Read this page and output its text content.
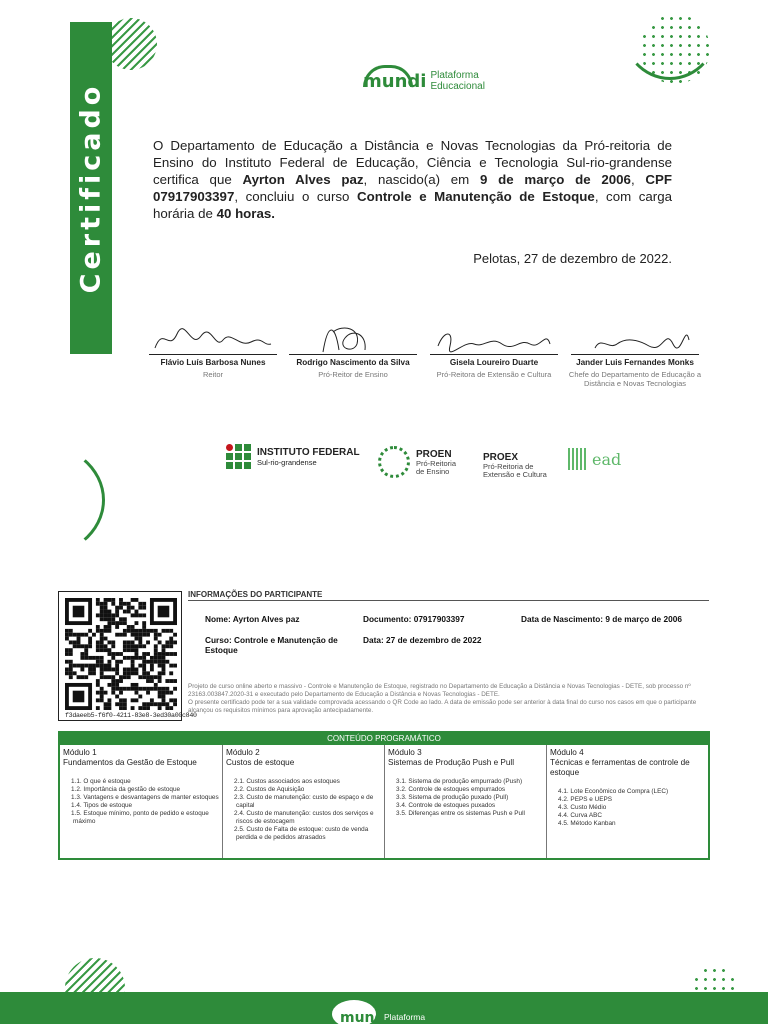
Certificado
mundi Plataforma
Educacional
O Departamento de Educação a Distância e Novas Tecnologias da Pró-reitoria de Ensino do Instituto Federal de Educação, Ciência e Tecnologia Sul-rio-grandense certifica que Ayrton Alves paz, nascido(a) em 9 de março de 2006, CPF 07917903397, concluiu o curso Controle e Manutenção de Estoque, com carga horária de 40 horas.
Pelotas, 27 de dezembro de 2022.
Flávio Luís Barbosa Nunes
Reitor
Rodrigo Nascimento da Silva
Pró-Reitor de Ensino
Gisela Loureiro Duarte
Pró-Reitora de Extensão e Cultura
Jander Luis Fernandes Monks
Chefe do Departamento de Educação a Distância e Novas Tecnologias
INSTITUTO FEDERAL
Sul-rio-grandense
PROEN
Pró-Reitoria
de Ensino
PROEX
Pró-Reitoria de
Extensão e Cultura
ead
f3daeeb5-f6f0-4211-83e8-3ed30a00c840
INFORMAÇÕES DO PARTICIPANTE
Nome: Ayrton Alves paz	Documento: 07917903397	Data de Nascimento: 9 de março de 2006
Curso: Controle e Manutenção de Estoque
Data: 27 de dezembro de 2022
Projeto de curso online aberto e massivo - Controle e Manutenção de Estoque, registrado no Departamento de Educação a Distância e Novas Tecnologias - DETE, sob processo nº 23163.003847.2020-31 e executado pelo Departamento de Educação a Distância e Novas Tecnologias - DETE.
O presente certificado pode ter a sua validade comprovada acessando o QR Code ao lado. A data de emissão pode ser anterior à data final do curso nos casos em que o participante alcançou os requisitos mínimos para aprovação antecipadamente.
CONTEÚDO PROGRAMÁTICO
Módulo 1
Fundamentos da Gestão de Estoque
1.1. O que é estoque
1.2. Importância da gestão de estoque
1.3. Vantagens e desvantagens de manter estoques
1.4. Tipos de estoque
1.5. Estoque mínimo, ponto de pedido e estoque máximo
Módulo 2
Custos de estoque
2.1. Custos associados aos estoques
2.2. Custos de Aquisição
2.3. Custo de manutenção: custo de espaço e de capital
2.4. Custo de manutenção: custos dos serviços e riscos de estocagem
2.5. Custo de Falta de estoque: custo de venda perdida e de pedidos atrasados
Módulo 3
Sistemas de Produção Push e Pull
3.1. Sistema de produção empurrado (Push)
3.2. Controle de estoques empurrados
3.3. Sistema de produção puxado (Pull)
3.4. Controle de estoques puxados
3.5. Diferenças entre os sistemas Push e Pull
Módulo 4
Técnicas e ferramentas de controle de estoque
4.1. Lote Econômico de Compra (LEC)
4.2. PEPS e UEPS
4.3. Custo Médio
4.4. Curva ABC
4.5. Método Kanban
mundi
Plataforma
